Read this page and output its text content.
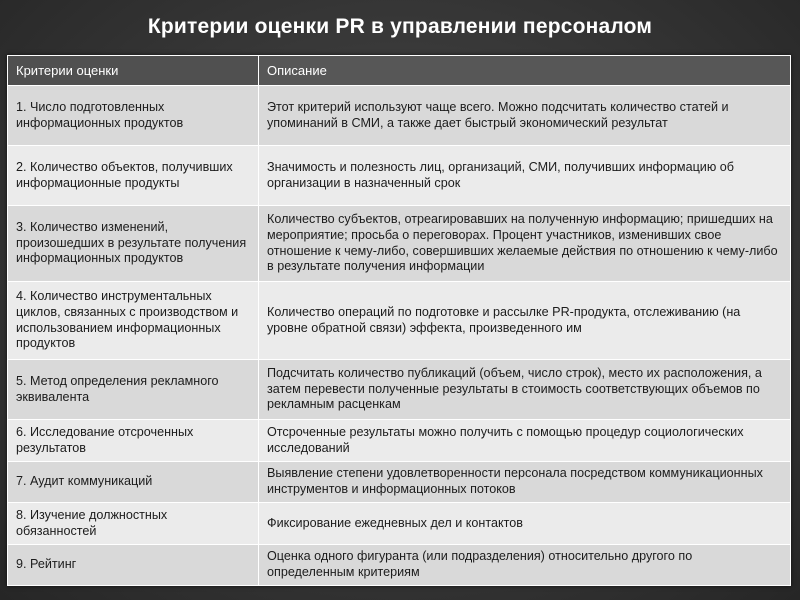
Критерии оценки PR в управлении персоналом
Критерии оценки	Описание
1. Число подготовленных информационных продуктов	Этот критерий используют чаще всего. Можно подсчитать количество статей и упоминаний в СМИ, а также дает быстрый экономический результат
2. Количество объектов, получивших информационные продукты	Значимость и полезность лиц, организаций, СМИ, получивших информацию об организации в назначенный срок
3. Количество изменений, произошедших в результате получения информационных продуктов	Количество субъектов, отреагировавших на полученную информацию; пришедших на мероприятие; просьба о переговорах. Процент участников, изменивших свое отношение к чему-либо, совершивших желаемые действия по отношению к чему-либо в результате получения информации
4. Количество инструментальных циклов, связанных с производством и использованием информационных продуктов	Количество операций по подготовке и рассылке PR-продукта, отслеживанию (на уровне обратной связи) эффекта, произведенного им
5. Метод определения рекламного эквивалента	Подсчитать количество публикаций (объем, число строк), место их расположения, а затем перевести полученные результаты в стоимость соответствующих объемов по рекламным расценкам
6. Исследование отсроченных результатов	Отсроченные результаты можно получить с помощью процедур социологических исследований
7. Аудит коммуникаций	Выявление степени удовлетворенности персонала посредством коммуникационных инструментов и информационных потоков
8. Изучение должностных обязанностей	Фиксирование ежедневных дел и контактов
9. Рейтинг	Оценка одного фигуранта (или подразделения) относительно другого по определенным критериям
